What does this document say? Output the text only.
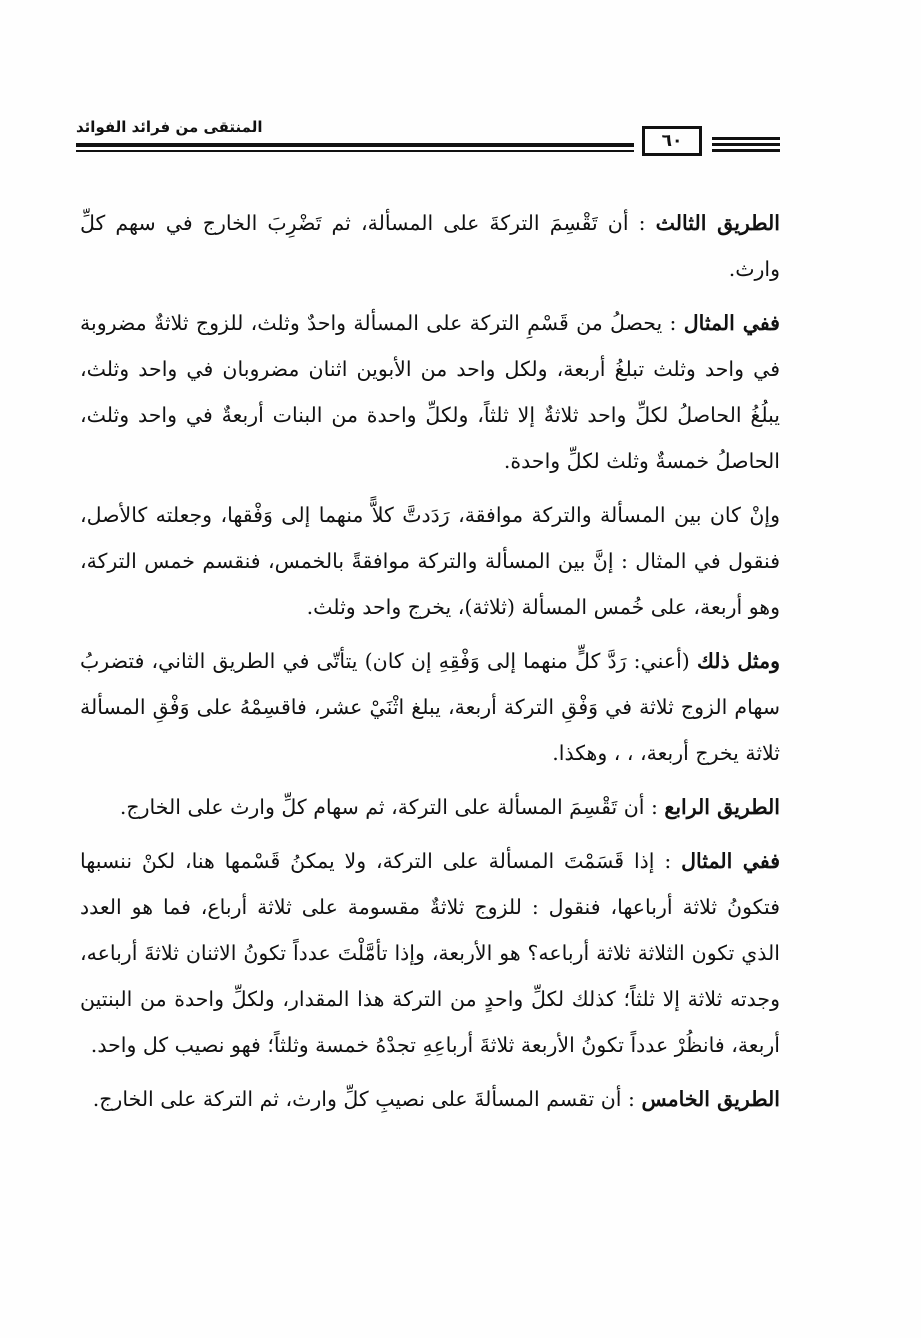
المنتقى من فرائد الفوائد
٦٠

الطريق الثالث : أن تَقْسِمَ التركةَ على المسألة، ثم تَضْرِبَ الخارج في سهم كلِّ وارث.

ففي المثال : يحصلُ من قَسْمِ التركة على المسألة واحدٌ وثلث، للزوج ثلاثةٌ مضروبة في واحد وثلث تبلغُ أربعة، ولكل واحد من الأبوين اثنان مضروبان في واحد وثلث، يبلُغُ الحاصلُ لكلِّ واحد ثلاثةٌ إلا ثلثاً، ولكلِّ واحدة من البنات أربعةٌ في واحد وثلث، الحاصلُ خمسةٌ وثلث لكلِّ واحدة.

وإنْ كان بين المسألة والتركة موافقة، رَدَدتَّ كلاًّ منهما إلى وَفْقها، وجعلته كالأصل، فنقول في المثال : إنَّ بين المسألة والتركة موافقةً بالخمس، فنقسم خمس التركة، وهو أربعة، على خُمس المسألة (ثلاثة)، يخرج واحد وثلث.

ومثل ذلك (أعني: رَدَّ كلٍّ منهما إلى وَفْقِهِ إن كان) يتأتّى في الطريق الثاني، فتضربُ سهام الزوج ثلاثة في وَفْقِ التركة أربعة، يبلغ اثْنَيْ عشر، فاقسِمْهُ على وَفْقِ المسألة ثلاثة يخرج أربعة، ، ، وهكذا.

الطريق الرابع : أن تَقْسِمَ المسألة على التركة، ثم سهام كلِّ وارث على الخارج.

ففي المثال : إذا قَسَمْتَ المسألة على التركة، ولا يمكنُ قَسْمها هنا، لكنْ ننسبها فتكونُ ثلاثة أرباعها، فنقول : للزوج ثلاثةٌ مقسومة على ثلاثة أرباع، فما هو العدد الذي تكون الثلاثة ثلاثة أرباعه؟ هو الأربعة، وإذا تأمَّلْتَ عدداً تكونُ الاثنان ثلاثةَ أرباعه، وجدته ثلاثة إلا ثلثاً؛ كذلك لكلِّ واحدٍ من التركة هذا المقدار، ولكلِّ واحدة من البنتين أربعة، فانظُرْ عدداً تكونُ الأربعة ثلاثةَ أرباعِهِ تجدْهُ خمسة وثلثاً؛ فهو نصيب كل واحد.

الطريق الخامس : أن تقسم المسألةَ على نصيبِ كلِّ وارث، ثم التركة على الخارج.
